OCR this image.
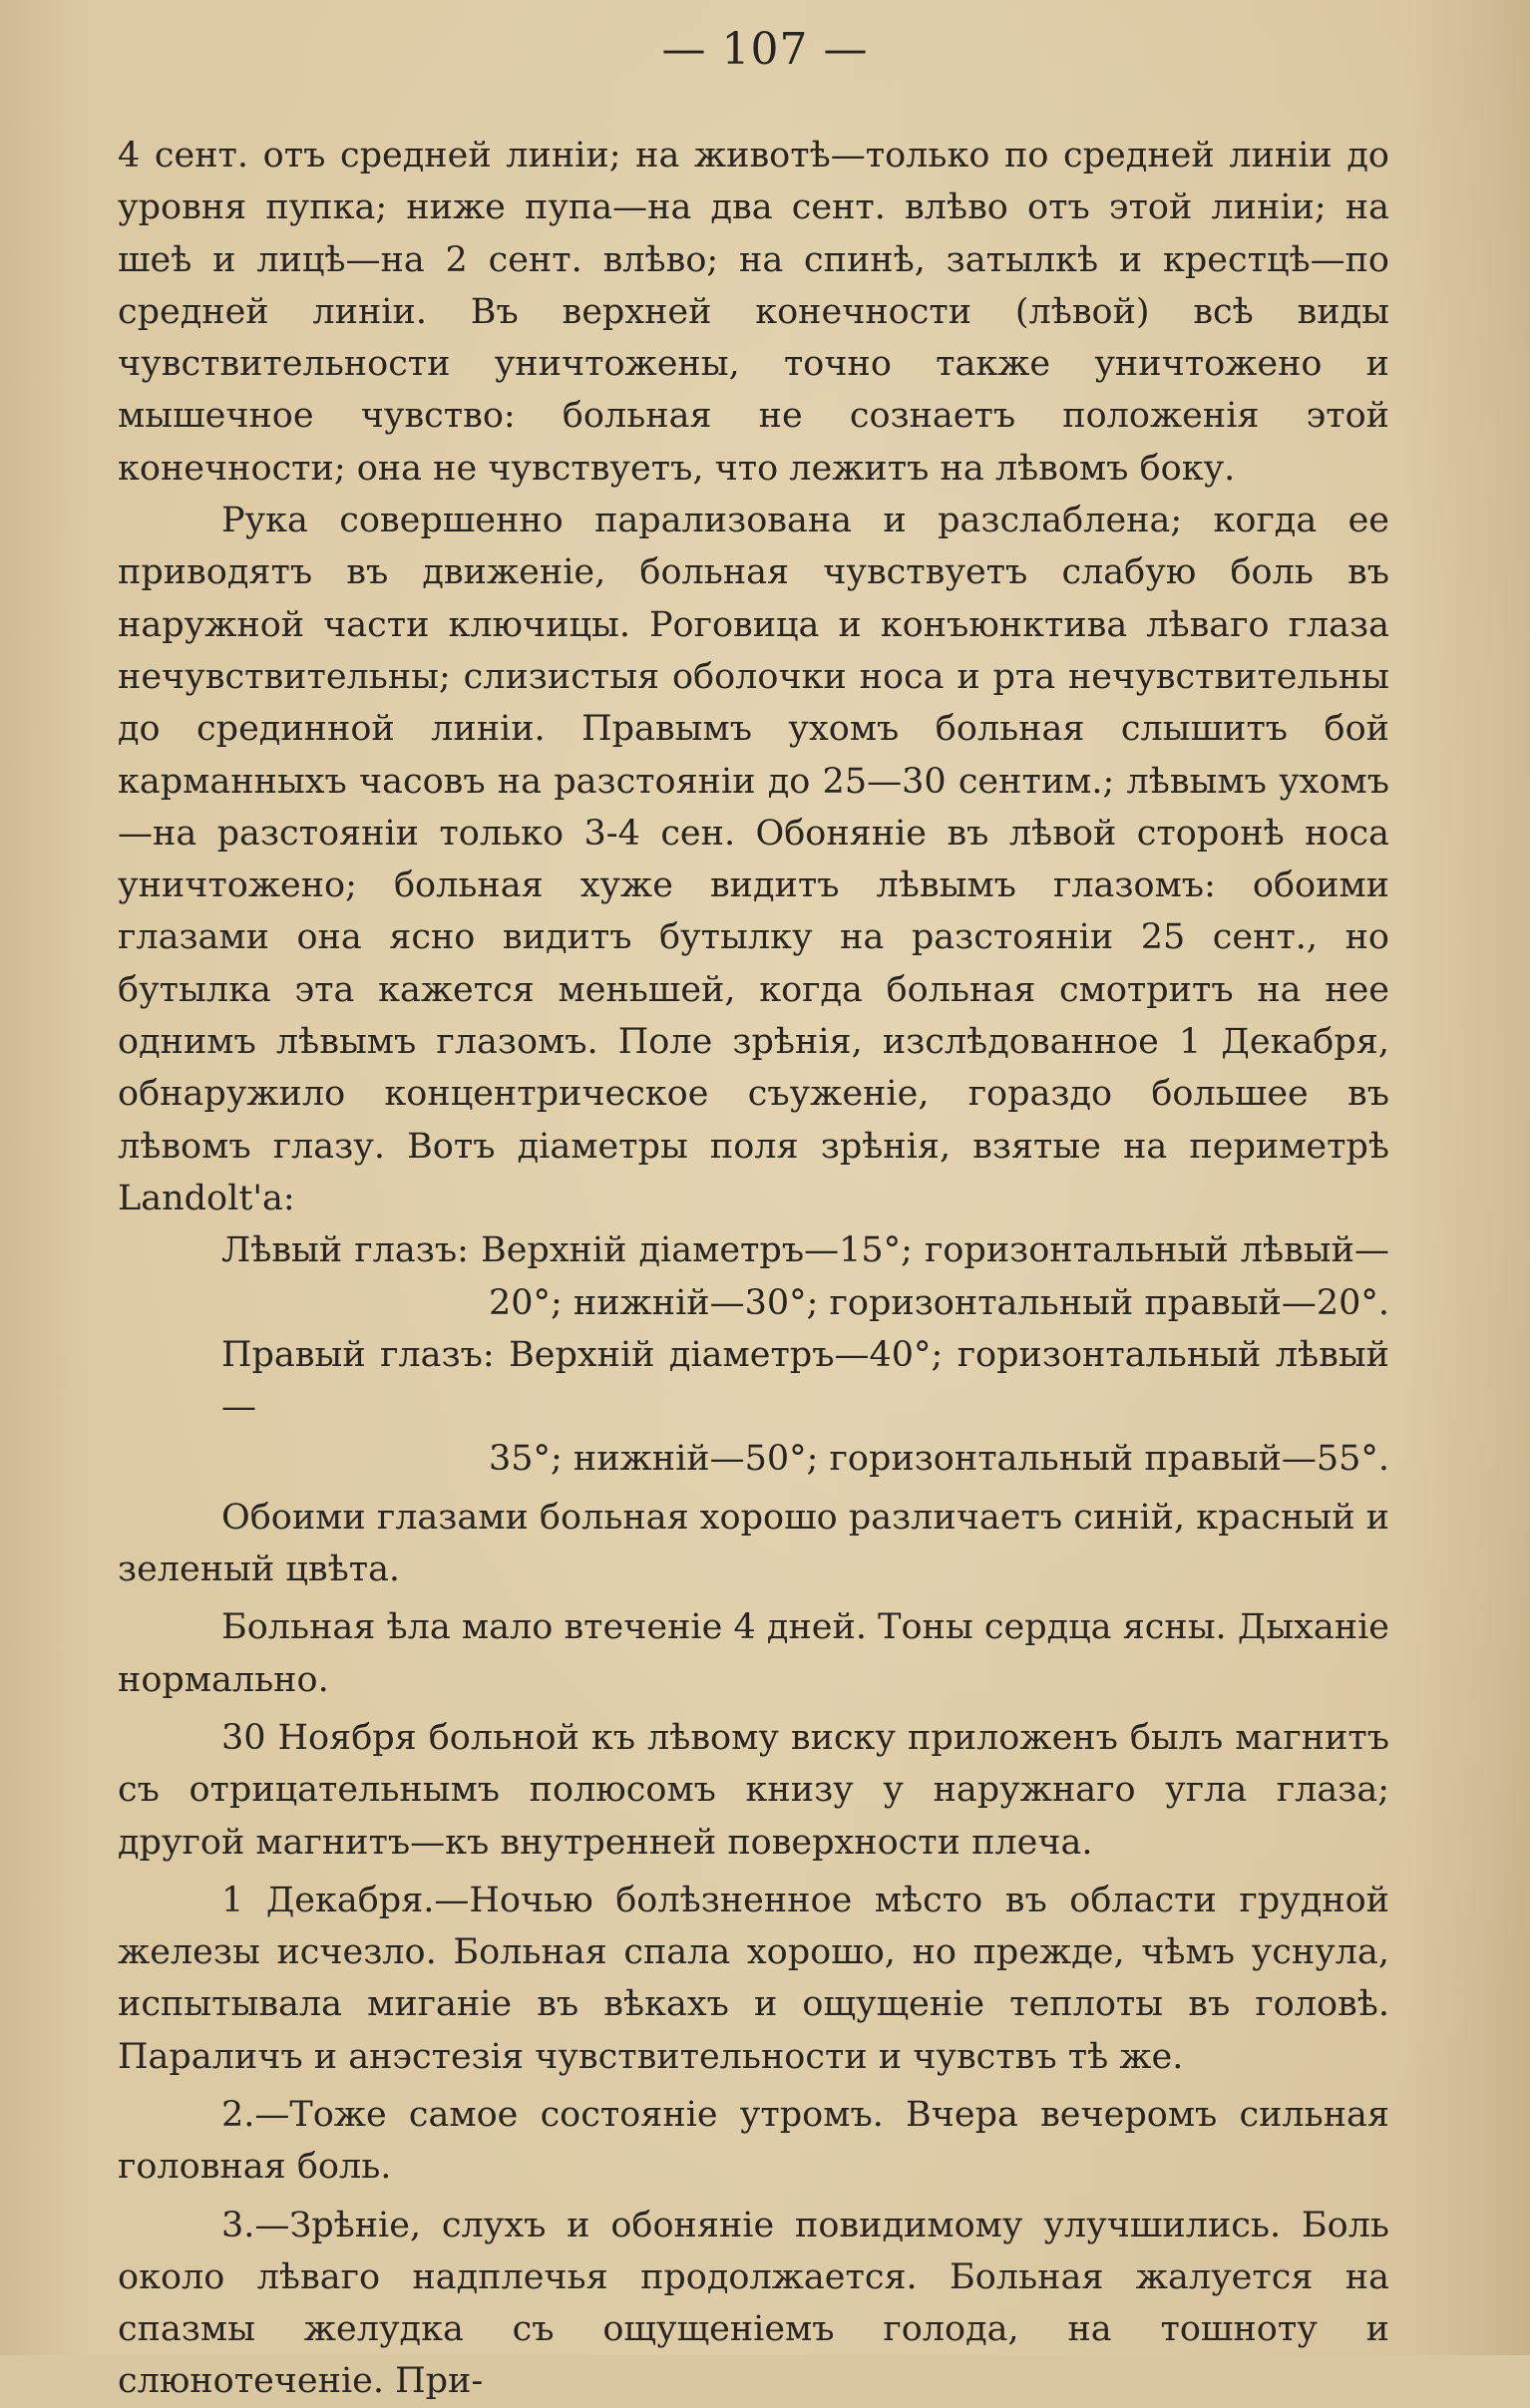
— 107 —

4 сент. отъ средней линіи; на животѣ—только по средней линіи до уровня пупка; ниже пупа—на два сент. влѣво отъ этой линіи; на шеѣ и лицѣ—на 2 сент. влѣво; на спинѣ, затылкѣ и крестцѣ—по средней линіи. Въ верхней конечности (лѣвой) всѣ виды чувствительности уничтожены, точно также уничтожено и мышечное чувство: больная не сознаетъ положенія этой конечности; она не чувствуетъ, что лежитъ на лѣвомъ боку.

Рука совершенно парализована и разслаблена; когда ее приводятъ въ движеніе, больная чувствуетъ слабую боль въ наружной части ключицы. Роговица и конъюнктива лѣваго глаза нечувствительны; слизистыя оболочки носа и рта нечувствительны до срединной линіи. Правымъ ухомъ больная слышитъ бой карманныхъ часовъ на разстояніи до 25—30 сентим.; лѣвымъ ухомъ—на разстояніи только 3-4 сен. Обоняніе въ лѣвой сторонѣ носа уничтожено; больная хуже видитъ лѣвымъ глазомъ: обоими глазами она ясно видитъ бутылку на разстояніи 25 сент., но бутылка эта кажется меньшей, когда больная смотритъ на нее однимъ лѣвымъ глазомъ. Поле зрѣнія, изслѣдованное 1 Декабря, обнаружило концентрическое съуженіе, гораздо большее въ лѣвомъ глазу. Вотъ діаметры поля зрѣнія, взятые на периметрѣ Landolt'а:

Лѣвый глазъ: Верхній діаметръ—15°; горизонтальный лѣвый—
20°; нижній—30°; горизонтальный правый—20°.
Правый глазъ: Верхній діаметръ—40°; горизонтальный лѣвый—
35°; нижній—50°; горизонтальный правый—55°.

Обоими глазами больная хорошо различаетъ синій, красный и зеленый цвѣта.

Больная ѣла мало втеченіе 4 дней. Тоны сердца ясны. Дыханіе нормально.

30 Ноября больной къ лѣвому виску приложенъ былъ магнитъ съ отрицательнымъ полюсомъ книзу у наружнаго угла глаза; другой магнитъ—къ внутренней поверхности плеча.

1 Декабря.—Ночью болѣзненное мѣсто въ области грудной железы исчезло. Больная спала хорошо, но прежде, чѣмъ уснула, испытывала миганіе въ вѣкахъ и ощущеніе теплоты въ головѣ. Параличъ и анэстезія чувствительности и чувствъ тѣ же.

2.—Тоже самое состояніе утромъ. Вчера вечеромъ сильная головная боль.

3.—Зрѣніе, слухъ и обоняніе повидимому улучшились. Боль около лѣваго надплечья продолжается. Больная жалуется на спазмы желудка съ ощущеніемъ голода, на тошноту и слюнотеченіе. При-
